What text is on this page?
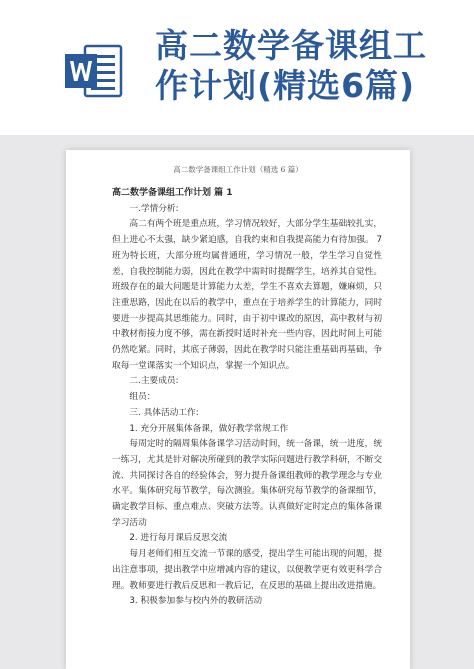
高二数学备课组工
作计划(精选6篇)
高二数学备课组工作计划（精选 6 篇）

高二数学备课组工作计划 篇 1

一.学情分析:

高二有两个班是重点班，学习情况较好，大部分学生基础较扎实，但上进心不太强，缺少紧迫感，自我约束和自我提高能力有待加强。 7 班为特长班，大部分班均属普通班，学习情况一般，学生学习自觉性差，自我控制能力弱，因此在教学中需时时提醒学生，培养其自觉性。班级存在的最大问题是计算能力太差，学生不喜欢去算题，嫌麻烦，只注重思路，因此在以后的教学中，重点在于培养学生的计算能力，同时要进一步提高其思维能力。同时，由于初中课改的原因，高中教材与初中教材衔接力度不够，需在新授时适时补充一些内容，因此时间上可能仍然吃紧。同时，其底子薄弱，因此在教学时只能注重基础再基础，争取每一堂课落实一个知识点，掌握一个知识点。

二.主要成员:

组员：

三. 具体活动工作:

1. 充分开展集体备课，做好教学常规工作

每周定时的隔周集体备课学习活动时间，统一备课，统一进度，统一练习，尤其是针对解决所碰到的教学实际问题进行教学科研，不断交流、共同探讨各自的经验体会，努力提升备课组教师的教学理念与专业水平。集体研究每节教学，每次测验。集体研究每节教学的备课细节，确定教学目标、重点难点、突破方法等。认真做好定时定点的集体备课学习活动

2. 进行每月课后反思交流

每月老师们相互交流一节课的感受，提出学生可能出现的问题，提出注意事项，提出教学中应增减内容的建议，以便教学更有效更科学合理。教师要进行教后反思和一教后记，在反思的基础上提出改进措施。

3. 积极参加参与校内外的教研活动
